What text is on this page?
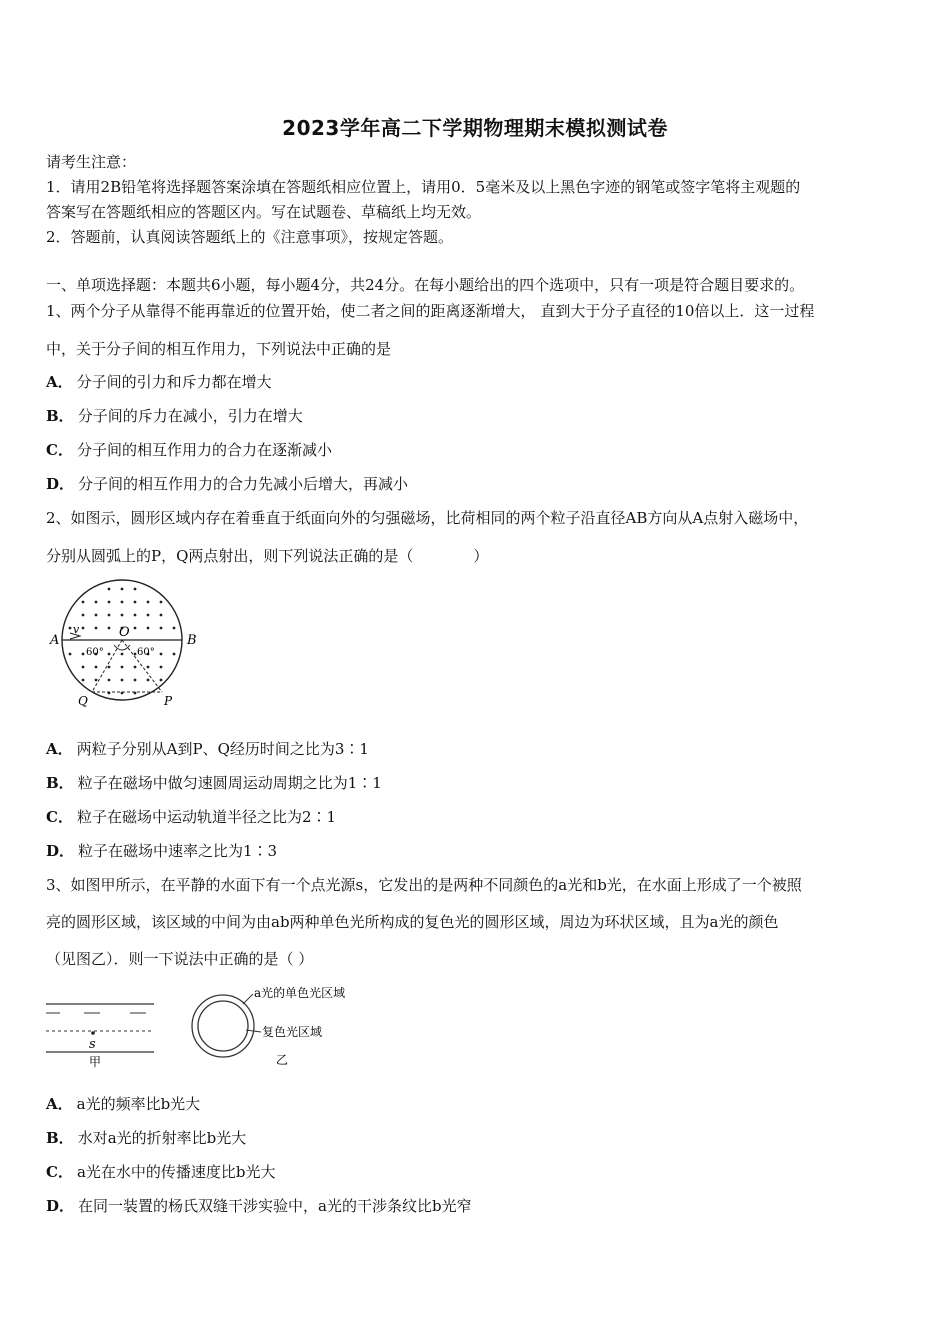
2023学年高二下学期物理期末模拟测试卷
请考生注意：
1．请用2B铅笔将选择题答案涂填在答题纸相应位置上，请用0．5毫米及以上黑色字迹的钢笔或签字笔将主观题的
答案写在答题纸相应的答题区内。写在试题卷、草稿纸上均无效。
2．答题前，认真阅读答题纸上的《注意事项》，按规定答题。
一、单项选择题：本题共6小题，每小题4分，共24分。在每小题给出的四个选项中，只有一项是符合题目要求的。
1、两个分子从靠得不能再靠近的位置开始，使二者之间的距离逐渐增大， 直到大于分子直径的10倍以上．这一过程
中，关于分子间的相互作用力，下列说法中正确的是
A． 分子间的引力和斥力都在增大
B． 分子间的斥力在减小，引力在增大
C． 分子间的相互作用力的合力在逐渐减小
D． 分子间的相互作用力的合力先减小后增大，再减小
2、如图示，圆形区域内存在着垂直于纸面向外的匀强磁场，比荷相同的两个粒子沿直径AB方向从A点射入磁场中，
分别从圆弧上的P，Q两点射出，则下列说法正确的是（　　　　）
A	B
O
v
60°	60°
P
Q
A． 两粒子分别从A到P、Q经历时间之比为3∶1
B． 粒子在磁场中做匀速圆周运动周期之比为1∶1
C． 粒子在磁场中运动轨道半径之比为2∶1
D． 粒子在磁场中速率之比为1∶3
3、如图甲所示，在平静的水面下有一个点光源s，它发出的是两种不同颜色的a光和b光，在水面上形成了一个被照
亮的圆形区域，该区域的中间为由ab两种单色光所构成的复色光的圆形区域，周边为环状区域，且为a光的颜色
（见图乙）．则一下说法中正确的是（ ）
s
甲
a光的单色光区域
复色光区域
乙
A． a光的频率比b光大
B． 水对a光的折射率比b光大
C． a光在水中的传播速度比b光大
D． 在同一装置的杨氏双缝干涉实验中，a光的干涉条纹比b光窄
